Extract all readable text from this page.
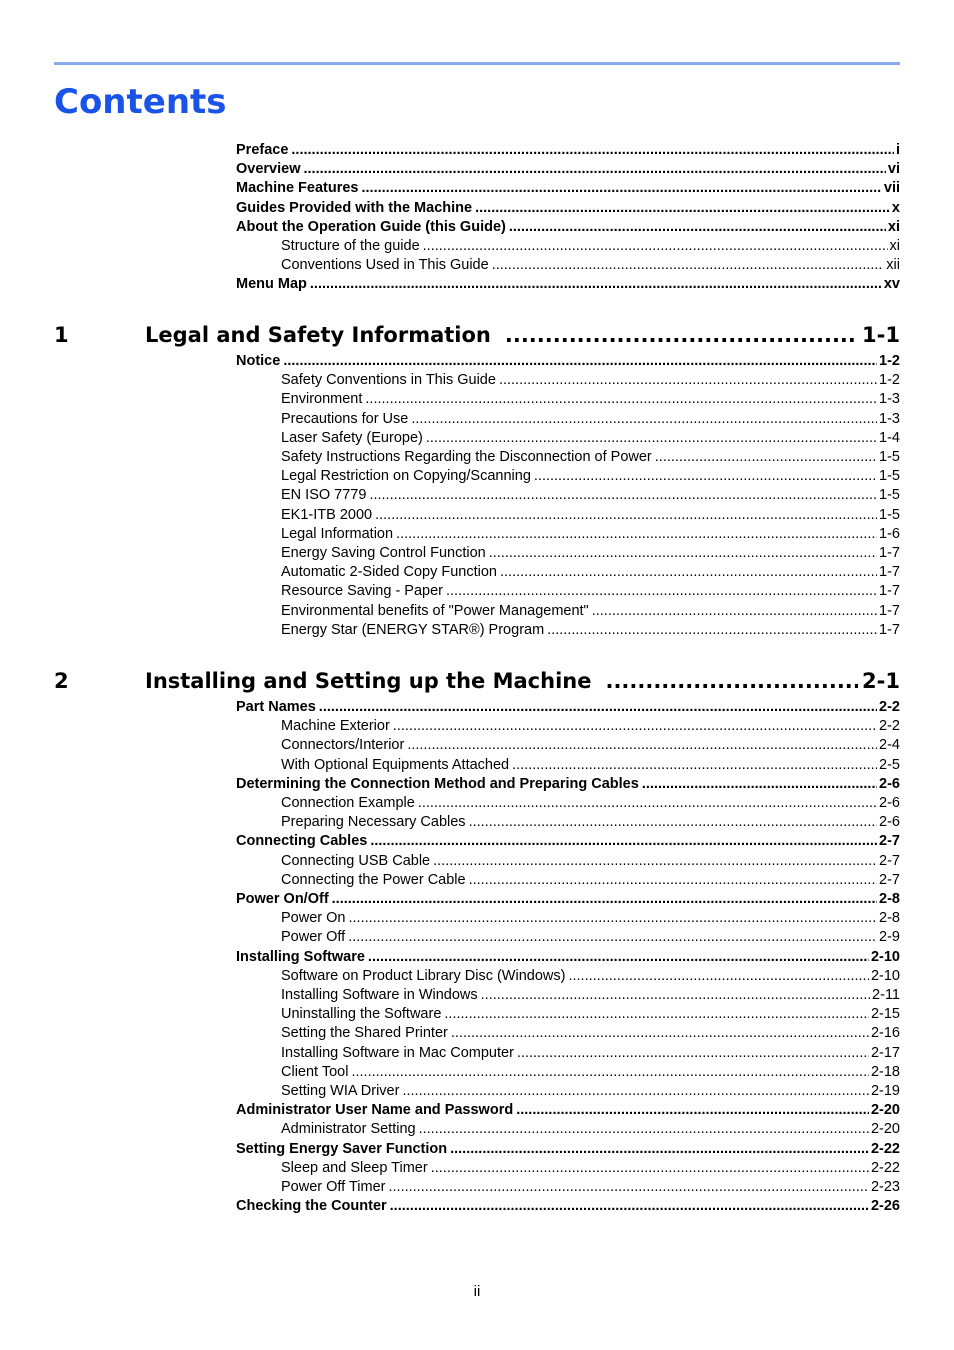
Contents
Preface .....	i
Overview .....	vi
Machine Features .....	vii
Guides Provided with the Machine .....	x
About the Operation Guide (this Guide) .....	xi
Structure of the guide .....	xi
Conventions Used in This Guide .....	xii
Menu Map .....	xv
1	Legal and Safety Information .....	1-1
Notice .....	1-2
Safety Conventions in This Guide .....	1-2
Environment .....	1-3
Precautions for Use .....	1-3
Laser Safety (Europe) .....	1-4
Safety Instructions Regarding the Disconnection of Power .....	1-5
Legal Restriction on Copying/Scanning .....	1-5
EN ISO 7779 .....	1-5
EK1-ITB 2000 .....	1-5
Legal Information .....	1-6
Energy Saving Control Function .....	1-7
Automatic 2-Sided Copy Function .....	1-7
Resource Saving - Paper .....	1-7
Environmental benefits of "Power Management" .....	1-7
Energy Star (ENERGY STAR®) Program .....	1-7
2	Installing and Setting up the Machine .....	2-1
Part Names .....	2-2
Machine Exterior .....	2-2
Connectors/Interior .....	2-4
With Optional Equipments Attached .....	2-5
Determining the Connection Method and Preparing Cables .....	2-6
Connection Example .....	2-6
Preparing Necessary Cables .....	2-6
Connecting Cables .....	2-7
Connecting USB Cable .....	2-7
Connecting the Power Cable .....	2-7
Power On/Off .....	2-8
Power On .....	2-8
Power Off .....	2-9
Installing Software .....	2-10
Software on Product Library Disc (Windows) .....	2-10
Installing Software in Windows .....	2-11
Uninstalling the Software .....	2-15
Setting the Shared Printer .....	2-16
Installing Software in Mac Computer .....	2-17
Client Tool .....	2-18
Setting WIA Driver .....	2-19
Administrator User Name and Password .....	2-20
Administrator Setting .....	2-20
Setting Energy Saver Function .....	2-22
Sleep and Sleep Timer .....	2-22
Power Off Timer .....	2-23
Checking the Counter .....	2-26
ii
